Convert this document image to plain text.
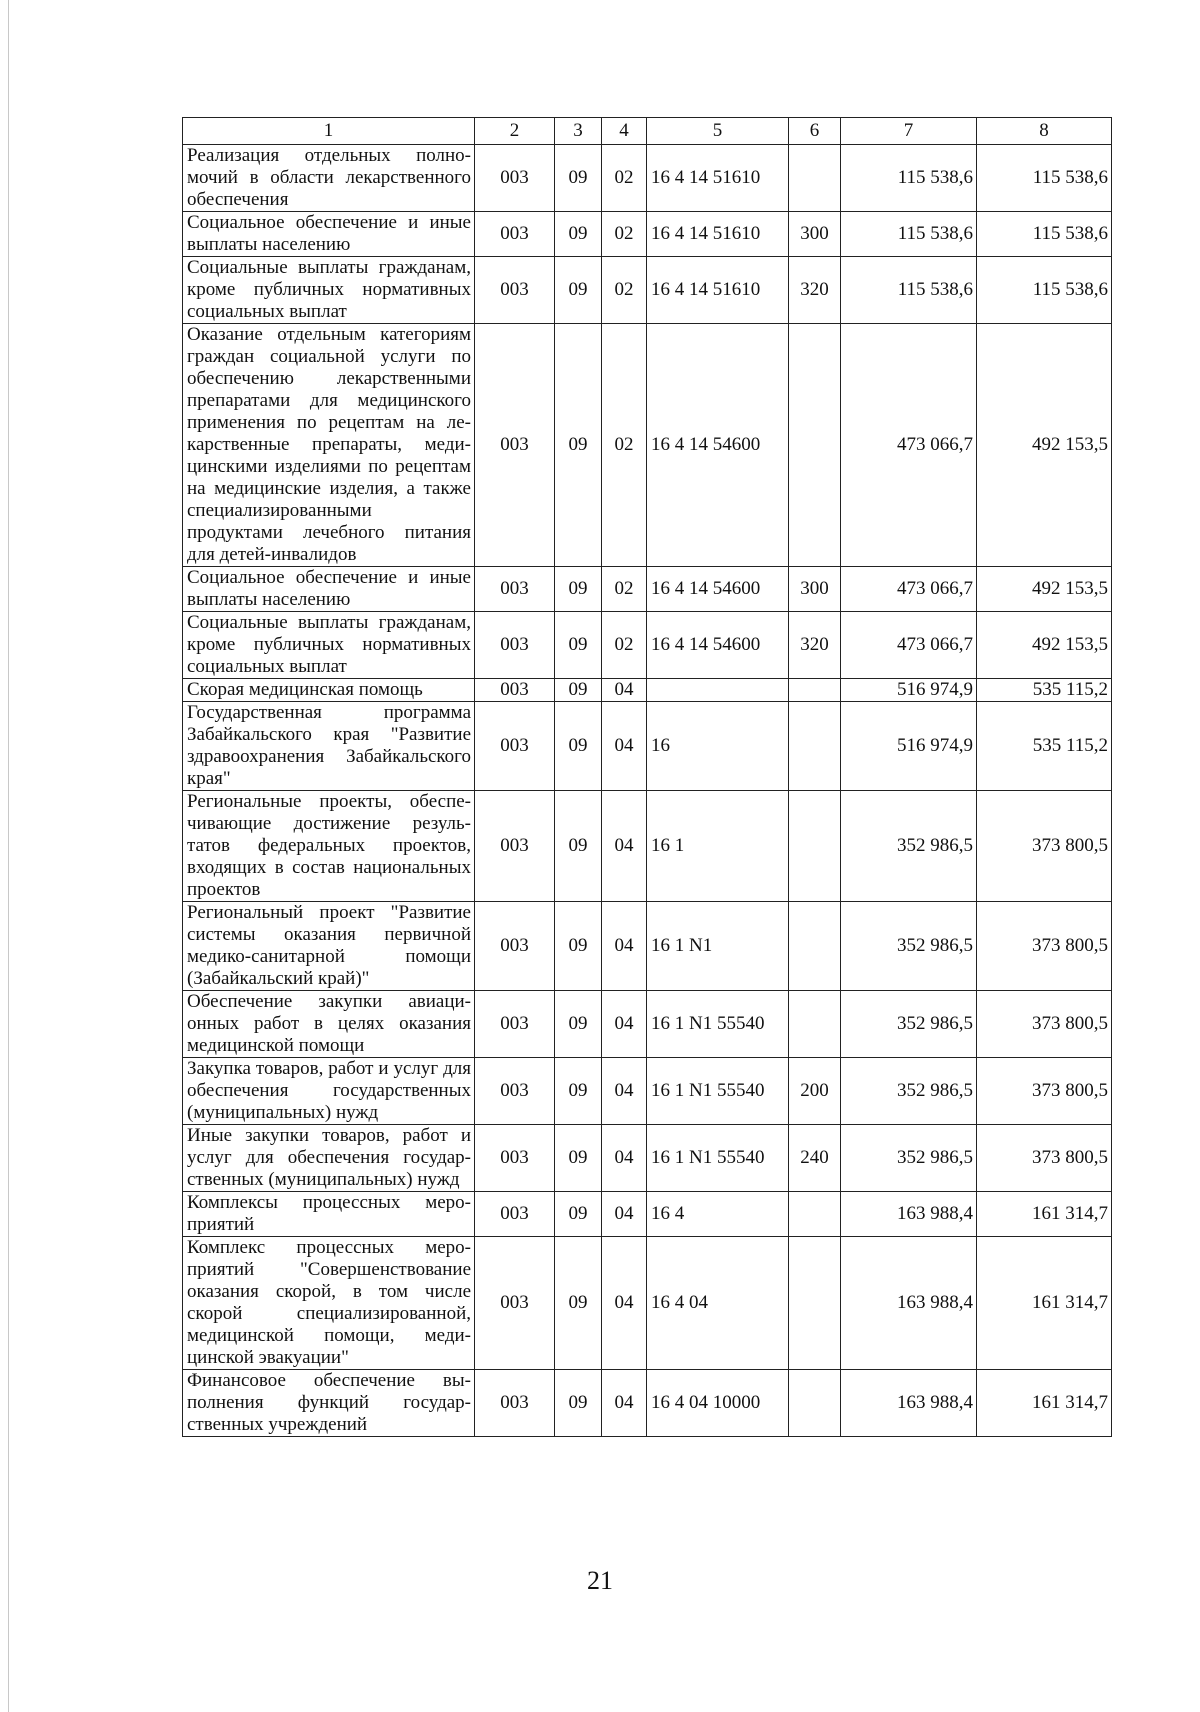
1	2	3	4	5	6	7	8
Реализация отдельных полномочий в области лекарственного обеспечения	003	09	02	16 4 14 51610		115 538,6	115 538,6
Социальное обеспечение и иные выплаты населению	003	09	02	16 4 14 51610	300	115 538,6	115 538,6
Социальные выплаты гражданам, кроме публичных нормативных социальных выплат	003	09	02	16 4 14 51610	320	115 538,6	115 538,6
Оказание отдельным категориям граждан социальной услуги по обеспечению лекарственными препаратами для медицинского применения по рецептам на лекарственные препараты, медицинскими изделиями по рецептам на медицинские изделия, а также специализированными продуктами лечебного питания для детей-инвалидов	003	09	02	16 4 14 54600		473 066,7	492 153,5
Социальное обеспечение и иные выплаты населению	003	09	02	16 4 14 54600	300	473 066,7	492 153,5
Социальные выплаты гражданам, кроме публичных нормативных социальных выплат	003	09	02	16 4 14 54600	320	473 066,7	492 153,5
Скорая медицинская помощь	003	09	04			516 974,9	535 115,2
Государственная программа Забайкальского края "Развитие здравоохранения Забайкальского края"	003	09	04	16		516 974,9	535 115,2
Региональные проекты, обеспечивающие достижение результатов федеральных проектов, входящих в состав национальных проектов	003	09	04	16 1		352 986,5	373 800,5
Региональный проект "Развитие системы оказания первичной медико-санитарной помощи (Забайкальский край)"	003	09	04	16 1 N1		352 986,5	373 800,5
Обеспечение закупки авиационных работ в целях оказания медицинской помощи	003	09	04	16 1 N1 55540		352 986,5	373 800,5
Закупка товаров, работ и услуг для обеспечения государственных (муниципальных) нужд	003	09	04	16 1 N1 55540	200	352 986,5	373 800,5
Иные закупки товаров, работ и услуг для обеспечения государственных (муниципальных) нужд	003	09	04	16 1 N1 55540	240	352 986,5	373 800,5
Комплексы процессных мероприятий	003	09	04	16 4		163 988,4	161 314,7
Комплекс процессных мероприятий "Совершенствование оказания скорой, в том числе скорой специализированной, медицинской помощи, медицинской эвакуации"	003	09	04	16 4 04		163 988,4	161 314,7
Финансовое обеспечение выполнения функций государственных учреждений	003	09	04	16 4 04 10000		163 988,4	161 314,7
21
